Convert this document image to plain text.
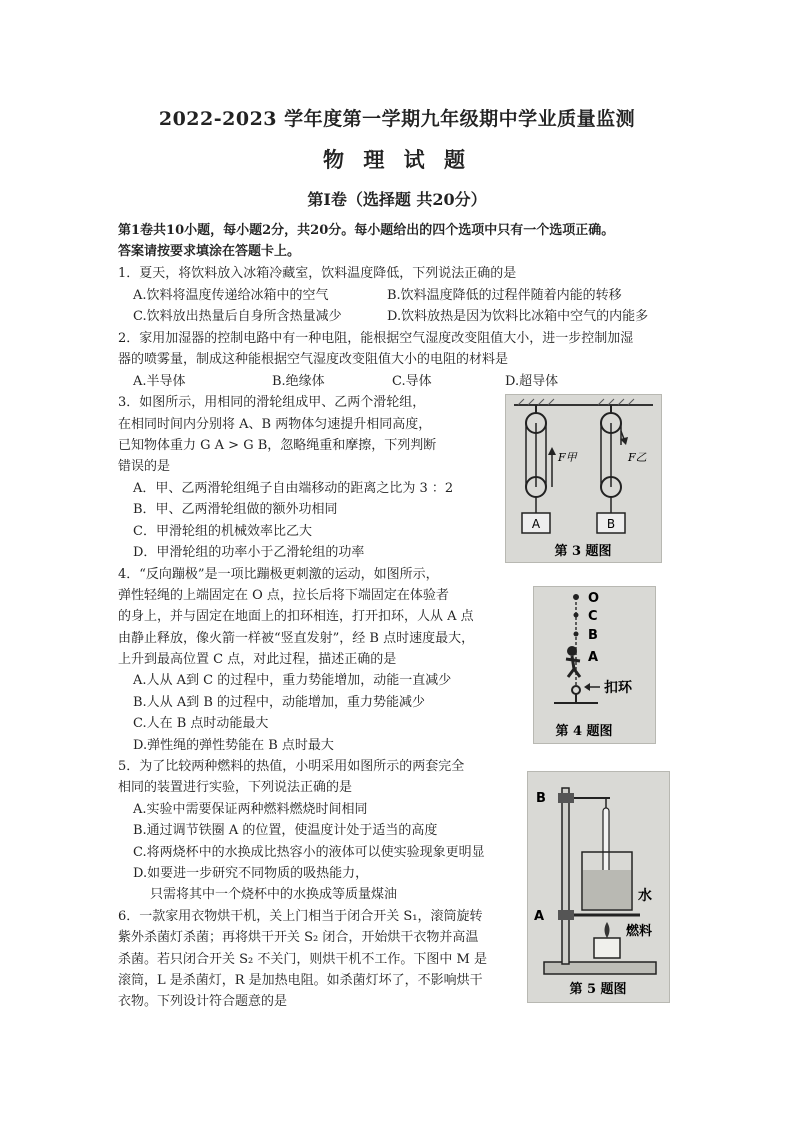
2022-2023 学年度第一学期九年级期中学业质量监测
物 理 试 题
第Ⅰ卷（选择题 共20分）
第1卷共10小题，每小题2分，共20分。每小题给出的四个选项中只有一个选项正确。
答案请按要求填涂在答题卡上。
1．夏天，将饮料放入冰箱冷藏室，饮料温度降低，下列说法正确的是
A.饮料将温度传递给冰箱中的空气	B.饮料温度降低的过程伴随着内能的转移
C.饮料放出热量后自身所含热量减少	D.饮料放热是因为饮料比冰箱中空气的内能多
2．家用加湿器的控制电路中有一种电阻，能根据空气湿度改变阻值大小，进一步控制加湿
器的喷雾量，制成这种能根据空气湿度改变阻值大小的电阻的材料是
A.半导体	B.绝缘体	C.导体	D.超导体
3．如图所示，用相同的滑轮组成甲、乙两个滑轮组，
在相同时间内分别将 A、B 两物体匀速提升相同高度，
已知物体重力 G A > G B，忽略绳重和摩擦，下列判断
错误的是
A．甲、乙两滑轮组绳子自由端移动的距离之比为 3 ：2
B．甲、乙两滑轮组做的额外功相同
C．甲滑轮组的机械效率比乙大
D．甲滑轮组的功率小于乙滑轮组的功率
A
F甲
B
F乙
第 3 题图
4．“反向蹦极”是一项比蹦极更刺激的运动，如图所示，
弹性轻绳的上端固定在 O 点，拉长后将下端固定在体验者
的身上，并与固定在地面上的扣环相连，打开扣环，人从 A 点
由静止释放，像火箭一样被“竖直发射”，经 B 点时速度最大，
上升到最高位置 C 点，对此过程，描述正确的是
A.人从 A到 C 的过程中，重力势能增加，动能一直减少
B.人从 A到 B 的过程中，动能增加，重力势能减少
C.人在 B 点时动能最大
D.弹性绳的弹性势能在 B 点时最大
O
C
B
A
扣环
第 4 题图
5．为了比较两种燃料的热值，小明采用如图所示的两套完全
相同的装置进行实验，下列说法正确的是
A.实验中需要保证两种燃料燃烧时间相同
B.通过调节铁圈 A 的位置，使温度计处于适当的高度
C.将两烧杯中的水换成比热容小的液体可以使实验现象更明显
D.如要进一步研究不同物质的吸热能力，
只需将其中一个烧杯中的水换成等质量煤油
B
A
水
燃料
第 5 题图
6．一款家用衣物烘干机，关上门相当于闭合开关 S₁，滚筒旋转
紫外杀菌灯杀菌；再将烘干开关 S₂ 闭合，开始烘干衣物并高温
杀菌。若只闭合开关 S₂ 不关门，则烘干机不工作。下图中 M 是
滚筒，L 是杀菌灯，R 是加热电阻。如杀菌灯坏了，不影响烘干
衣物。下列设计符合题意的是
